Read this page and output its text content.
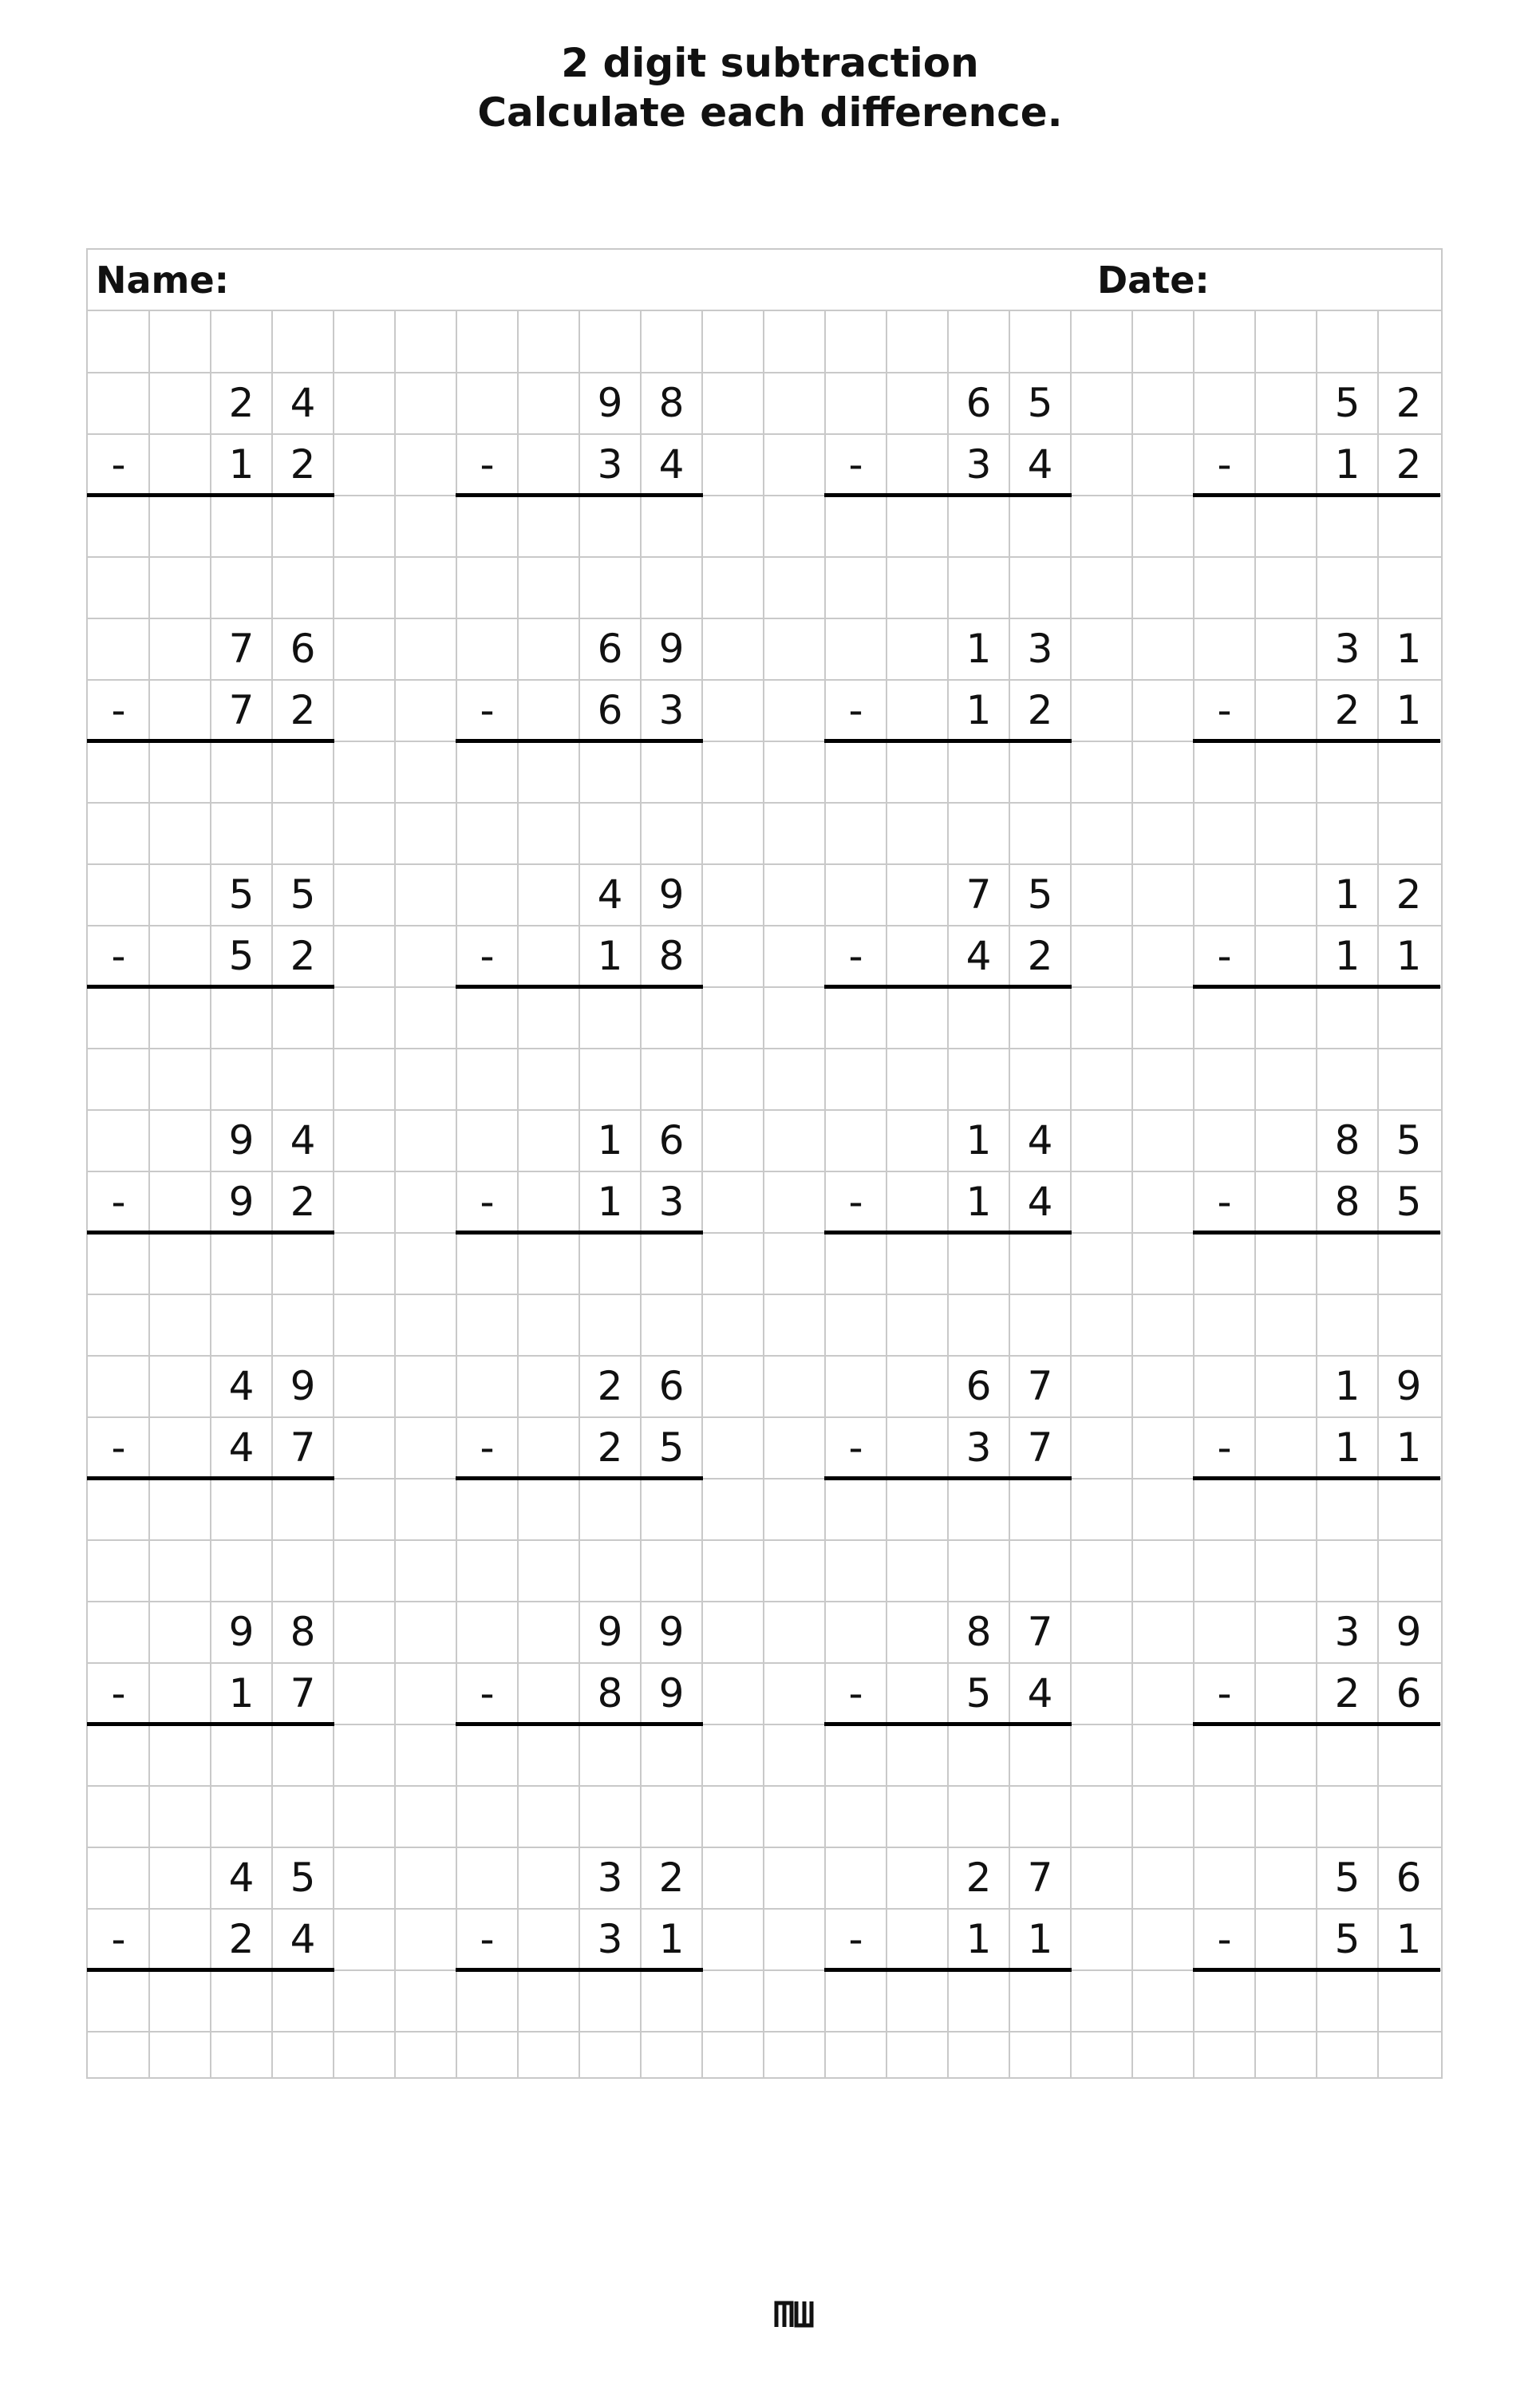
2 digit subtraction
Calculate each difference.
Name:	Date:
2 4
-	1 2
9 8
-	3 4
6 5
-	3 4
5 2
-	1 2
7 6
-	7 2
6 9
-	6 3
1 3
-	1 2
3 1
-	2 1
5 5
-	5 2
4 9
-	1 8
7 5
-	4 2
1 2
-	1 1
9 4
-	9 2
1 6
-	1 3
1 4
-	1 4
8 5
-	8 5
4 9
-	4 7
2 6
-	2 5
6 7
-	3 7
1 9
-	1 1
9 8
-	1 7
9 9
-	8 9
8 7
-	5 4
3 9
-	2 6
4 5
-	2 4
3 2
-	3 1
2 7
-	1 1
5 6
-	5 1
